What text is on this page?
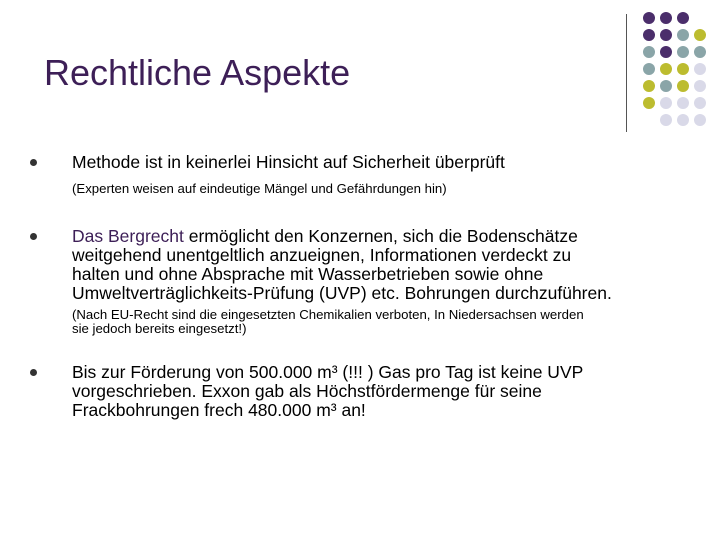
Rechtliche Aspekte
Methode ist in keinerlei Hinsicht auf Sicherheit überprüft
(Experten weisen auf eindeutige Mängel und Gefährdungen hin)
Das Bergrecht ermöglicht den Konzernen, sich die Bodenschätze
weitgehend unentgeltlich anzueignen, Informationen verdeckt zu
halten und ohne Absprache mit Wasserbetrieben sowie ohne
Umweltverträglichkeits-Prüfung (UVP) etc. Bohrungen durchzuführen.
(Nach EU-Recht sind die eingesetzten Chemikalien verboten, In Niedersachsen werden
sie jedoch bereits eingesetzt!)
Bis zur Förderung von 500.000 m³ (!!! ) Gas pro Tag ist keine UVP
vorgeschrieben. Exxon gab als Höchstfördermenge für seine
Frackbohrungen frech 480.000 m³ an!
